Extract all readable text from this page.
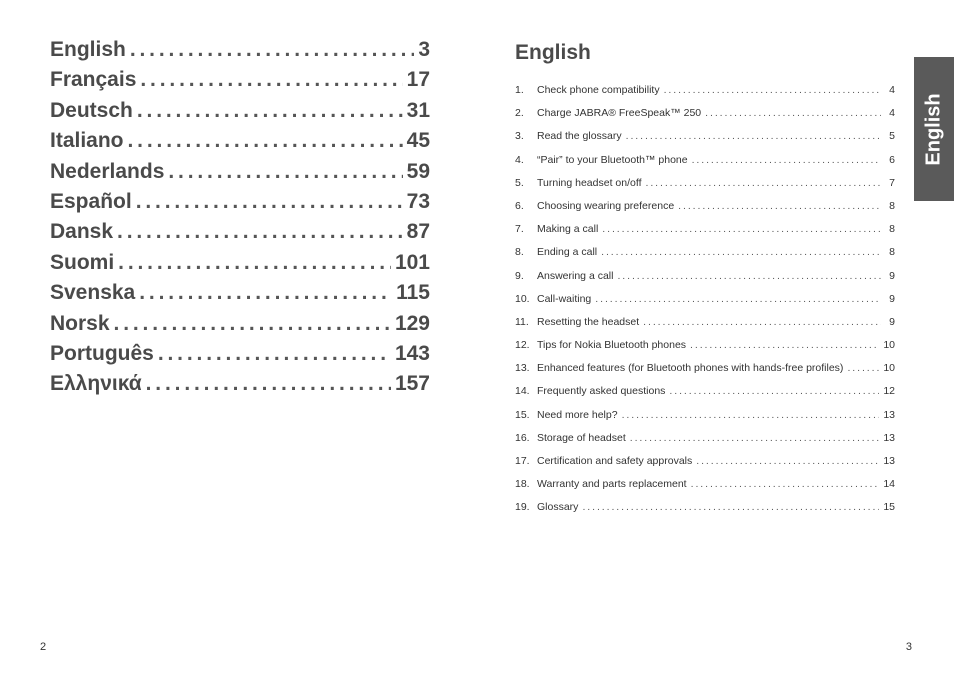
English . . .	3
Français . . .	17
Deutsch . . .	31
Italiano . . .	45
Nederlands . . .	59
Español . . .	73
Dansk . . .	87
Suomi . . .	101
Svenska . . .	115
Norsk . . .	129
Português . . .	143
Ελληνικά . . .	157
2
English
1.	Check phone compatibility . . .	4
2.	Charge JABRA® FreeSpeak™ 250 . . .	4
3.	Read the glossary . . .	5
4.	“Pair” to your Bluetooth™ phone . . .	6
5.	Turning headset on/off . . .	7
6.	Choosing wearing preference . . .	8
7.	Making a call . . .	8
8.	Ending a call . . .	8
9.	Answering a call . . .	9
10. Call-waiting . . .	9
11. Resetting the headset . . .	9
12. Tips for Nokia Bluetooth phones . . .	10
13. Enhanced features (for Bluetooth phones with hands-free profiles) . . .	10
14. Frequently asked questions . . .	12
15. Need more help? . . .	13
16. Storage of headset . . .	13
17. Certification and safety approvals . . .	13
18. Warranty and parts replacement . . .	14
19. Glossary . . .	15
English
3
